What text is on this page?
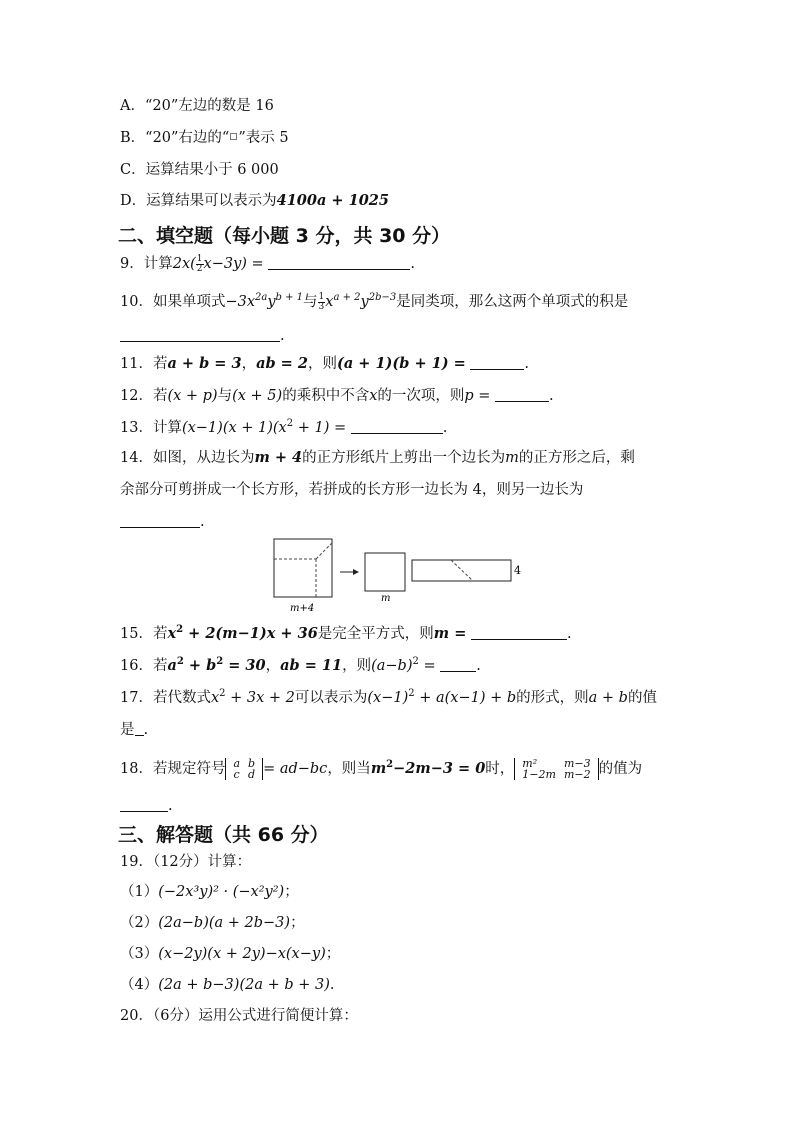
A．“20”左边的数是 16
B．“20”右边的“ ”表示 5
C．运算结果小于 6 000
D．运算结果可以表示为4100a + 1025
二、填空题（每小题 3 分，共 30 分）
9．计算$2x( \frac{1}{2} x-3y)$ =	.
10．如果单项式$-3x^{2a}y^{b + 1}$与 $\frac{1}{3} x^{a + 2}y^{2b-3}$是同类项，那么这两个单项式的积是
.
11．若a + b = 3，ab = 2，则(a + 1)(b + 1) =	.
12．若(x + p)与(x + 5)的乘积中不含x的一次项，则p =	.
13．计算$(x-1)(x + 1)(x^2 + 1)$ =	.
14．如图，从边长为m + 4的正方形纸片上剪出一个边长为m的正方形之后，剩
余部分可剪拼成一个长方形，若拼成的长方形一边长为 4，则另一边长为
.
m+4
m
4
15．若$x^2 + 2(m-1)x + 36$是完全平方式，则m =	.
16．若$a^2 + b^2 = 30$，ab = 11，则$(a-b)^2$ =	.
17．若代数式$x^2 + 3x + 2$可以表示为$(x-1)^2 + a(x-1) + b$的形式，则a + b的值
是 .
18．若规定符号 a	b
c	d = ad−bc，则当$m^2-2m-3 = 0$时， m²	m−3
1−2m	m−2 的值为
.
三、解答题（共 66 分）
19．（12分）计算：
（1）(−2x³y)² · (−x²y²)；
（2）(2a−b)(a + 2b−3)；
（3）(x−2y)(x + 2y)−x(x−y)；
（4）(2a + b−3)(2a + b + 3).
20．（6分）运用公式进行简便计算：
